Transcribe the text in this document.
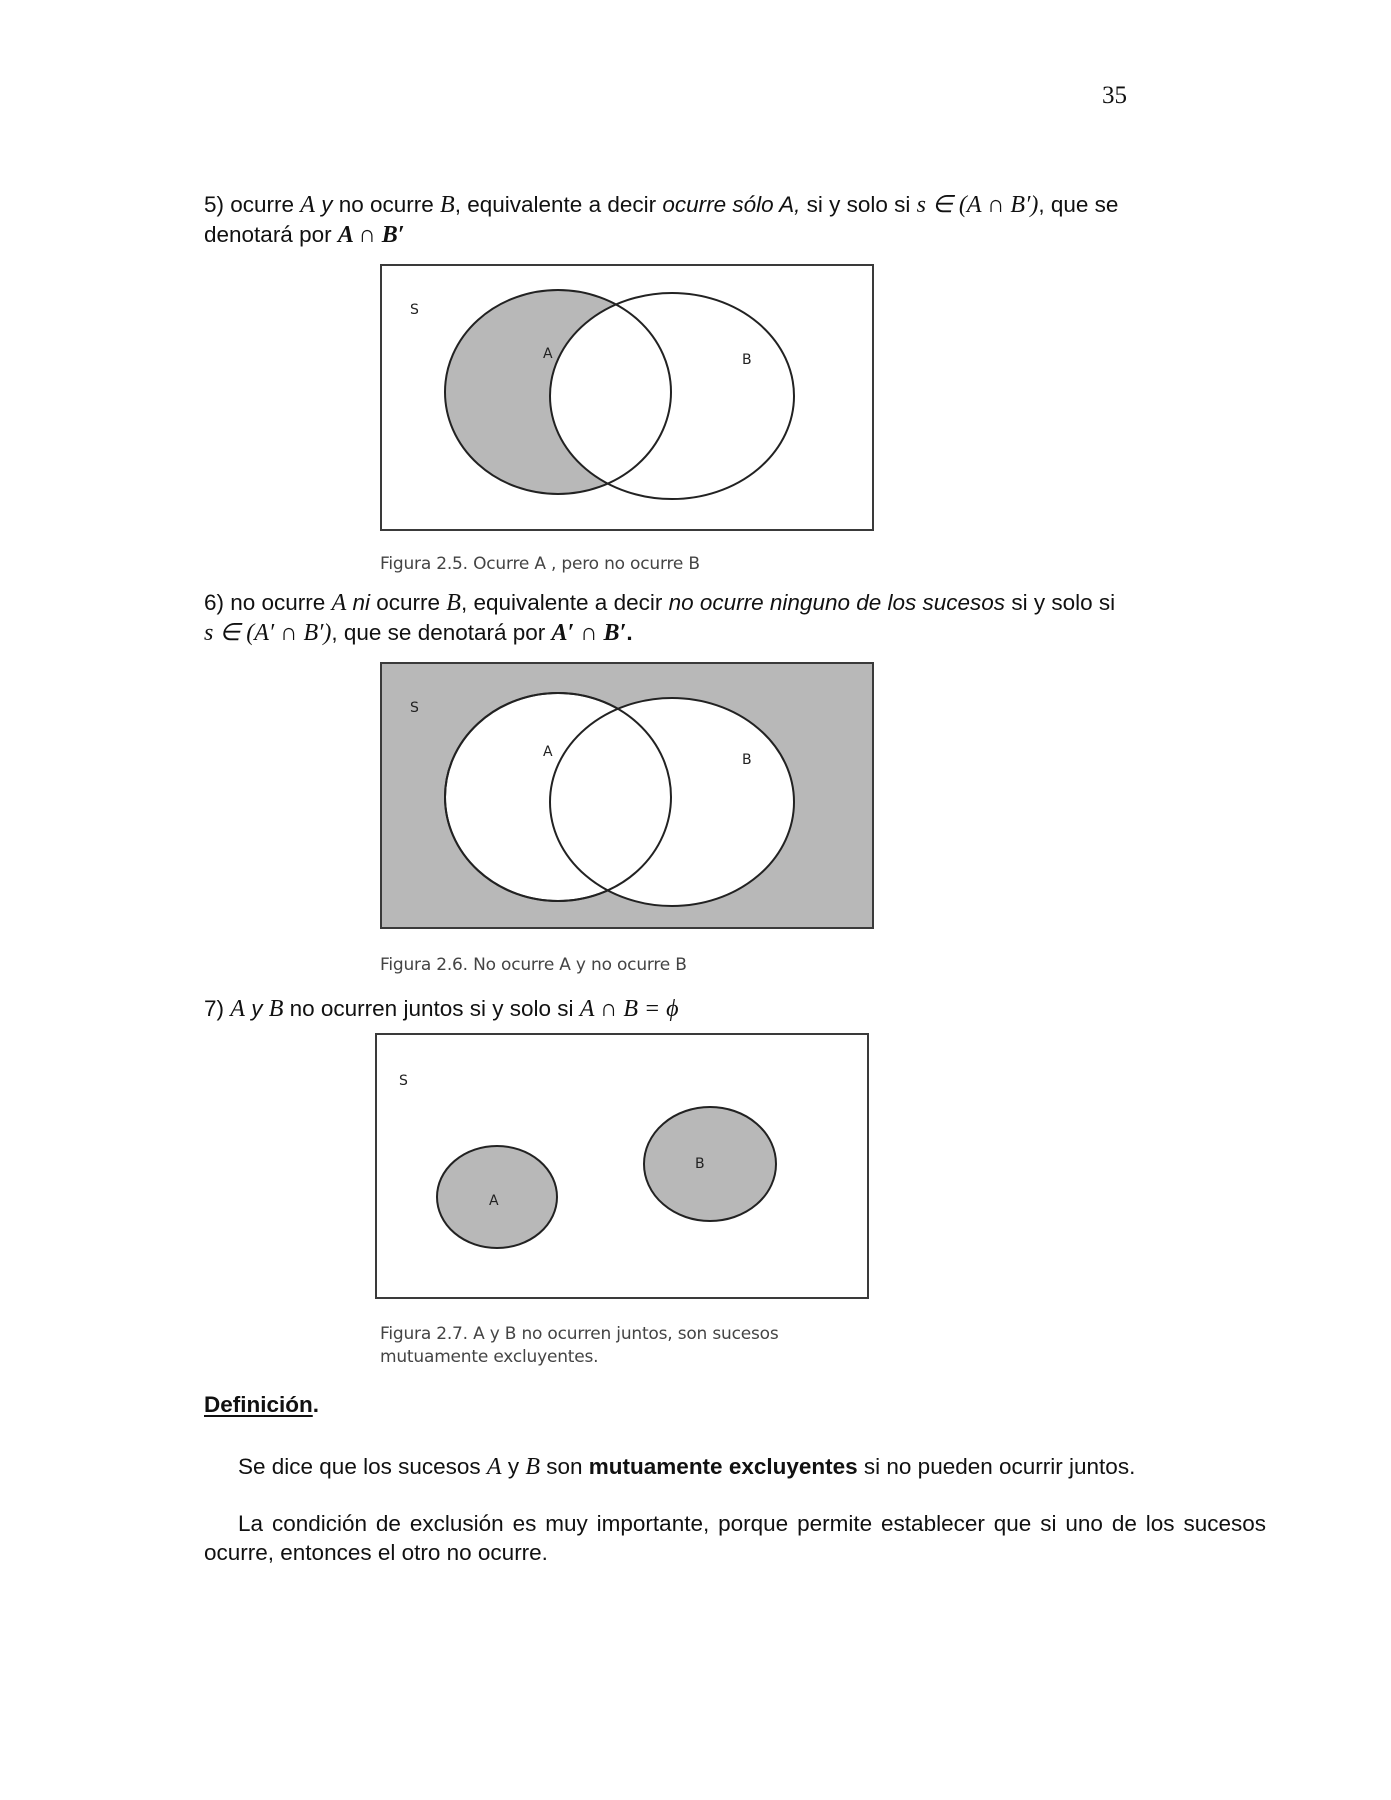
35
5) ocurre A y no ocurre B, equivalente a decir ocurre sólo A, si y solo si s ∈ (A ∩ B′), que se
denotará por A ∩ B′
S
A	B
Figura 2.5. Ocurre A , pero no ocurre B
6) no ocurre A ni ocurre B, equivalente a decir no ocurre ninguno de los sucesos si y solo si
s ∈ (A′ ∩ B′), que se denotará por A′ ∩ B′.
S
A	B
Figura 2.6. No ocurre A y no ocurre B
7) A y B no ocurren juntos si y solo si A ∩ B = ϕ
S
A
B
Figura 2.7. A y B no ocurren juntos, son sucesos
mutuamente excluyentes.
Definición.
Se dice que los sucesos A y B son mutuamente excluyentes si no pueden ocurrir juntos.
La condición de exclusión es muy importante, porque permite establecer que si uno de los sucesos ocurre, entonces el otro no ocurre.
